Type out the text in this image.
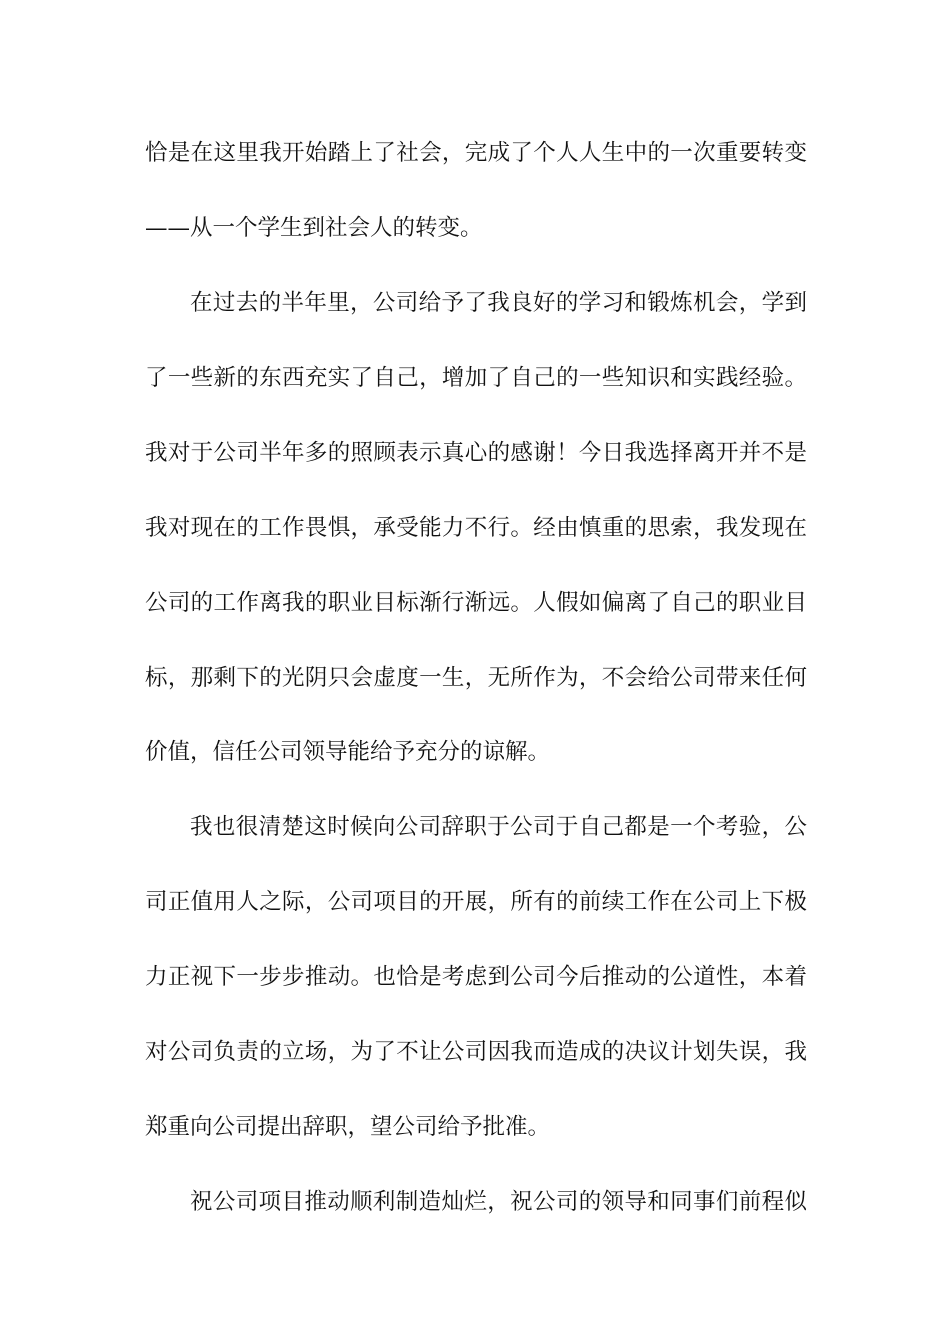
恰是在这里我开始踏上了社会，完成了个人人生中的一次重要转变
——从一个学生到社会人的转变。
在过去的半年里，公司给予了我良好的学习和锻炼机会，学到
了一些新的东西充实了自己，增加了自己的一些知识和实践经验。
我对于公司半年多的照顾表示真心的感谢！今日我选择离开并不是
我对现在的工作畏惧，承受能力不行。经由慎重的思索，我发现在
公司的工作离我的职业目标渐行渐远。人假如偏离了自己的职业目
标，那剩下的光阴只会虚度一生，无所作为，不会给公司带来任何
价值，信任公司领导能给予充分的谅解。
我也很清楚这时候向公司辞职于公司于自己都是一个考验，公
司正值用人之际，公司项目的开展，所有的前续工作在公司上下极
力正视下一步步推动。也恰是考虑到公司今后推动的公道性，本着
对公司负责的立场，为了不让公司因我而造成的决议计划失误，我
郑重向公司提出辞职，望公司给予批准。
祝公司项目推动顺利制造灿烂，祝公司的领导和同事们前程似
